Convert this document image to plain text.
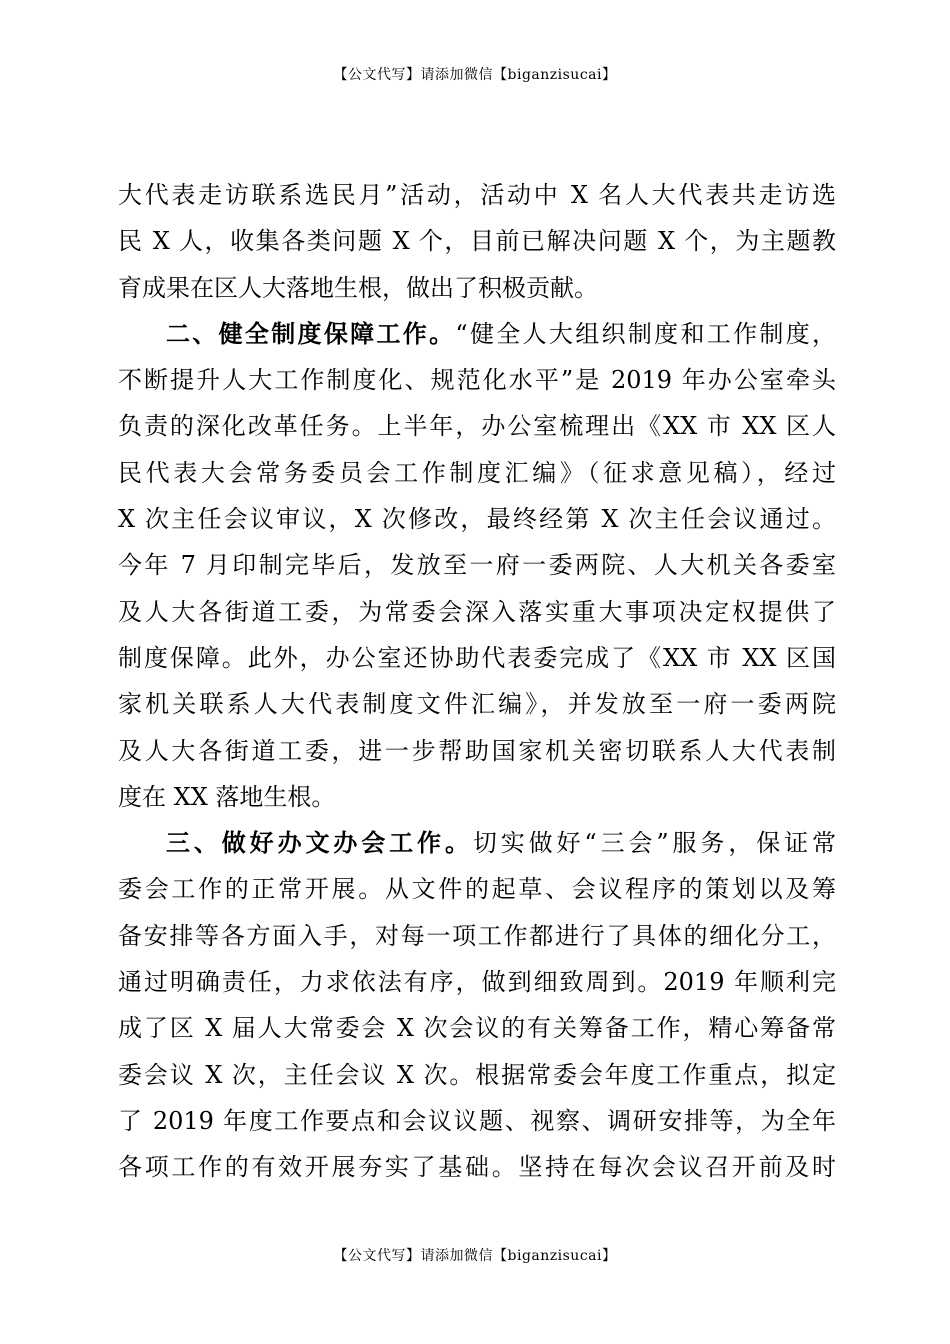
【公文代写】请添加微信【biganzisucai】
大代表走访联系选民月”活动，活动中 X 名人大代表共走访选
民 X 人，收集各类问题 X 个，目前已解决问题 X 个，为主题教
育成果在区人大落地生根，做出了积极贡献。
二、健全制度保障工作。“健全人大组织制度和工作制度，
不断提升人大工作制度化、规范化水平”是 2019 年办公室牵头
负责的深化改革任务。上半年，办公室梳理出《XX 市 XX 区人
民代表大会常务委员会工作制度汇编》（征求意见稿），经过
X 次主任会议审议，X 次修改，最终经第 X 次主任会议通过。
今年 7 月印制完毕后，发放至一府一委两院、人大机关各委室
及人大各街道工委，为常委会深入落实重大事项决定权提供了
制度保障。此外，办公室还协助代表委完成了《XX 市 XX 区国
家机关联系人大代表制度文件汇编》，并发放至一府一委两院
及人大各街道工委，进一步帮助国家机关密切联系人大代表制
度在 XX 落地生根。
三、做好办文办会工作。切实做好“三会”服务，保证常
委会工作的正常开展。从文件的起草、会议程序的策划以及筹
备安排等各方面入手，对每一项工作都进行了具体的细化分工，
通过明确责任，力求依法有序，做到细致周到。2019 年顺利完
成了区 X 届人大常委会 X 次会议的有关筹备工作，精心筹备常
委会议 X 次，主任会议 X 次。根据常委会年度工作重点，拟定
了 2019 年度工作要点和会议议题、视察、调研安排等，为全年
各项工作的有效开展夯实了基础。坚持在每次会议召开前及时
【公文代写】请添加微信【biganzisucai】
